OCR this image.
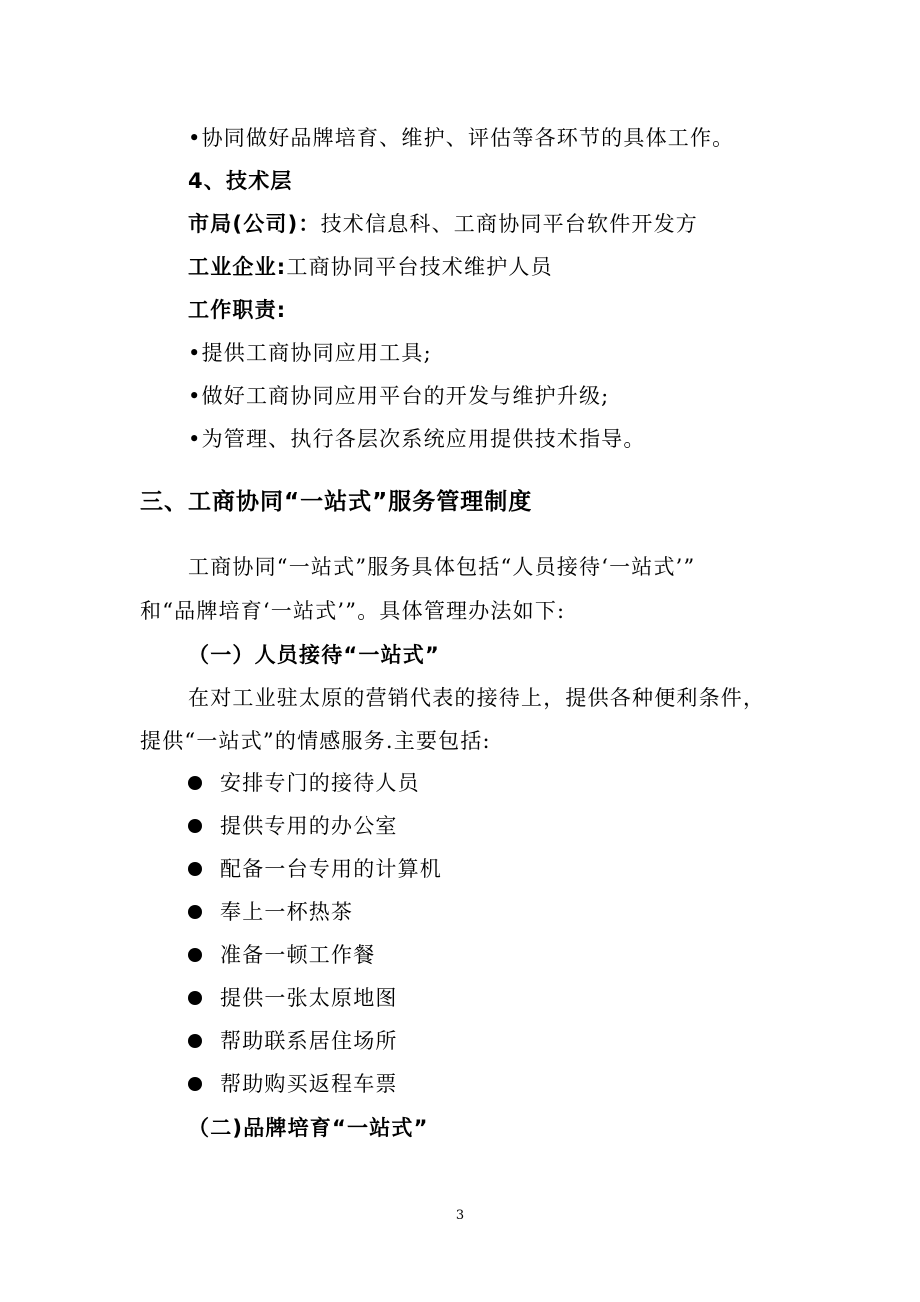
•协同做好品牌培育、维护、评估等各环节的具体工作。
4、技术层
市局(公司)：技术信息科、工商协同平台软件开发方
工业企业:工商协同平台技术维护人员
工作职责:
•提供工商协同应用工具;
•做好工商协同应用平台的开发与维护升级;
•为管理、执行各层次系统应用提供技术指导。
三、工商协同“一站式”服务管理制度
工商协同“一站式”服务具体包括“人员接待‘一站式’”
和“品牌培育‘一站式’”。具体管理办法如下:
（一）人员接待“一站式”
在对工业驻太原的营销代表的接待上，提供各种便利条件，
提供“一站式”的情感服务.主要包括:
安排专门的接待人员
提供专用的办公室
配备一台专用的计算机
奉上一杯热茶
准备一顿工作餐
提供一张太原地图
帮助联系居住场所
帮助购买返程车票
（二)品牌培育“一站式”
3
